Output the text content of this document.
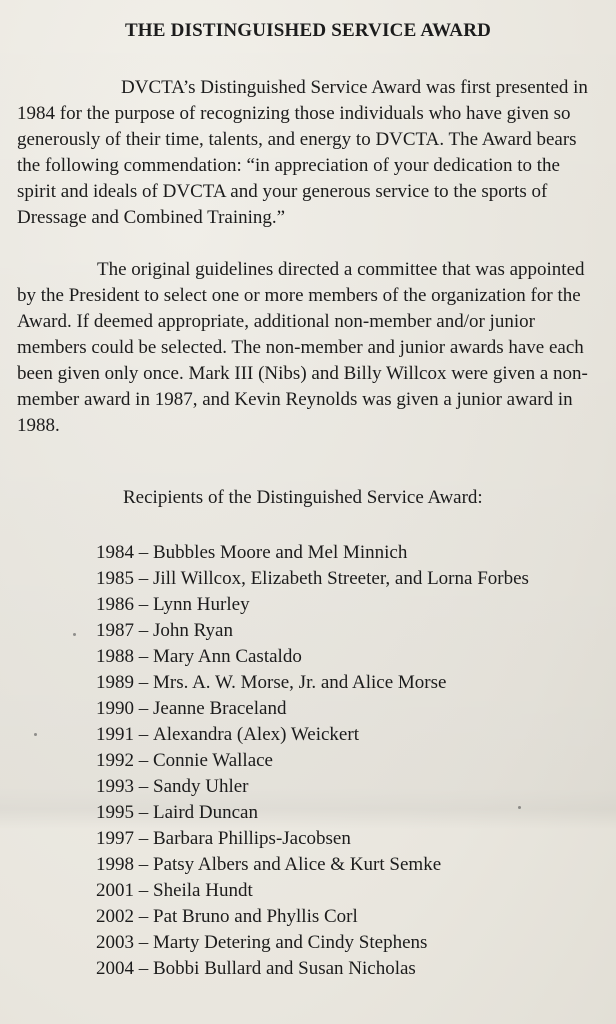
THE DISTINGUISHED SERVICE AWARD

DVCTA’s Distinguished Service Award was first presented in 1984 for the purpose of recognizing those individuals who have given so generously of their time, talents, and energy to DVCTA. The Award bears the following commendation: “in appreciation of your dedication to the spirit and ideals of DVCTA and your generous service to the sports of Dressage and Combined Training.”

The original guidelines directed a committee that was appointed by the President to select one or more members of the organization for the Award. If deemed appropriate, additional non-member and/or junior members could be selected. The non-member and junior awards have each been given only once. Mark III (Nibs) and Billy Willcox were given a non-member award in 1987, and Kevin Reynolds was given a junior award in 1988.

Recipients of the Distinguished Service Award:

1984 – Bubbles Moore and Mel Minnich
1985 – Jill Willcox, Elizabeth Streeter, and Lorna Forbes
1986 – Lynn Hurley
1987 – John Ryan
1988 – Mary Ann Castaldo
1989 – Mrs. A. W. Morse, Jr. and Alice Morse
1990 – Jeanne Braceland
1991 – Alexandra (Alex) Weickert
1992 – Connie Wallace
1993 – Sandy Uhler
1995 – Laird Duncan
1997 – Barbara Phillips-Jacobsen
1998 – Patsy Albers and Alice & Kurt Semke
2001 – Sheila Hundt
2002 – Pat Bruno and Phyllis Corl
2003 – Marty Detering and Cindy Stephens
2004 – Bobbi Bullard and Susan Nicholas
